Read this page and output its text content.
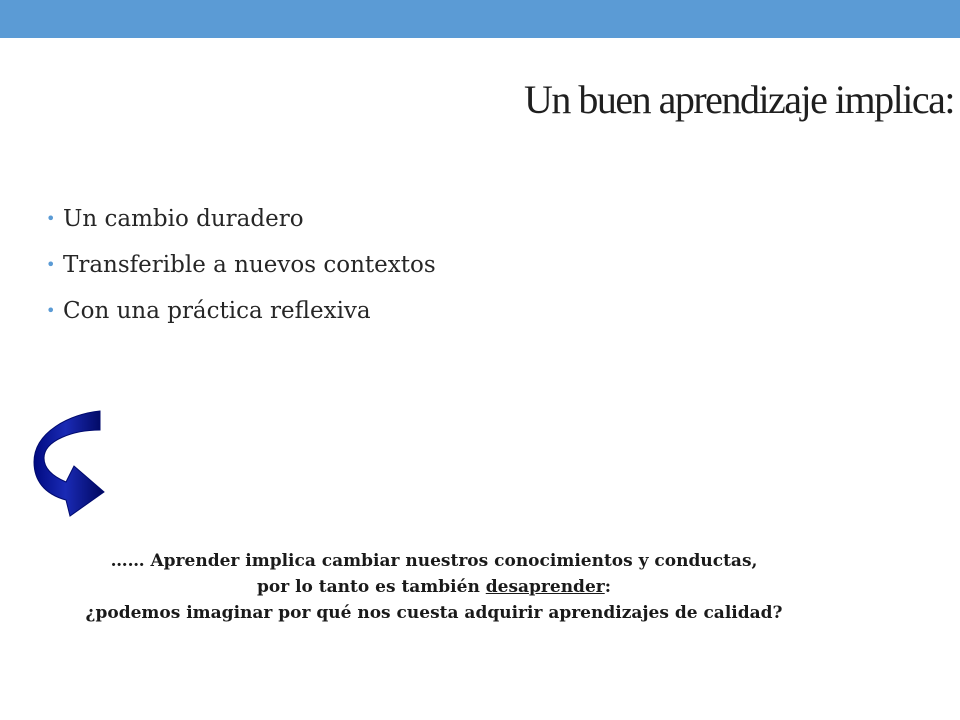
Un buen aprendizaje implica:
• Un cambio duradero
• Transferible a nuevos contextos
• Con una práctica reflexiva
…… Aprender implica cambiar nuestros conocimientos y conductas,
por lo tanto es también desaprender:
¿podemos imaginar por qué nos cuesta adquirir aprendizajes de calidad?
